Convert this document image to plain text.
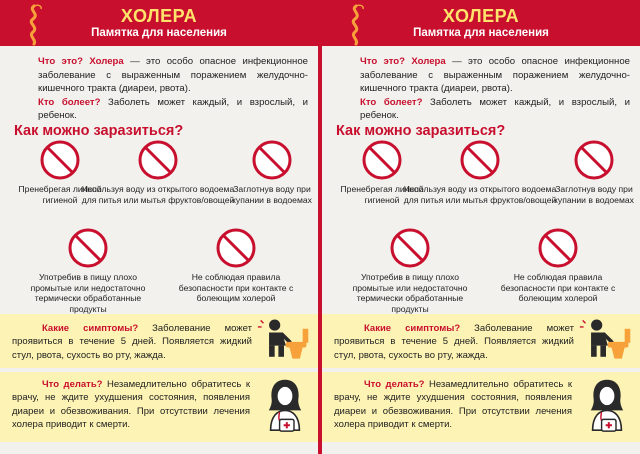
ХОЛЕРА
Памятка для населения
Что это? Холера — это особо опасное инфекционное заболевание с выраженным поражением желудочно-кишечного тракта (диареи, рвота).
Кто болеет? Заболеть может каждый, и взрослый, и ребенок.
Как можно заразиться?
Пренебрегая личной гигиеной
Используя воду из открытого водоема для питья или мытья фруктов/овощей
Заглотнув воду при купании в водоемах
Употребив в пищу плохо промытые или недостаточно термически обработанные продукты
Не соблюдая правила безопасности при контакте с болеющим холерой
Какие симптомы? Заболевание может проявиться в течение 5 дней. Появляется жидкий стул, рвота, сухость во рту, жажда.
Что делать? Незамедлительно обратитесь к врачу, не ждите ухудшения состояния, появления диареи и обезвоживания. При отсутствии лечения холера приводит к смерти.
ХОЛЕРА
Памятка для населения
Что это? Холера — это особо опасное инфекционное заболевание с выраженным поражением желудочно-кишечного тракта (диареи, рвота).
Кто болеет? Заболеть может каждый, и взрослый, и ребенок.
Как можно заразиться?
Пренебрегая личной гигиеной
Используя воду из открытого водоема для питья или мытья фруктов/овощей
Заглотнув воду при купании в водоемах
Употребив в пищу плохо промытые или недостаточно термически обработанные продукты
Не соблюдая правила безопасности при контакте с болеющим холерой
Какие симптомы? Заболевание может проявиться в течение 5 дней. Появляется жидкий стул, рвота, сухость во рту, жажда.
Что делать? Незамедлительно обратитесь к врачу, не ждите ухудшения состояния, появления диареи и обезвоживания. При отсутствии лечения холера приводит к смерти.
